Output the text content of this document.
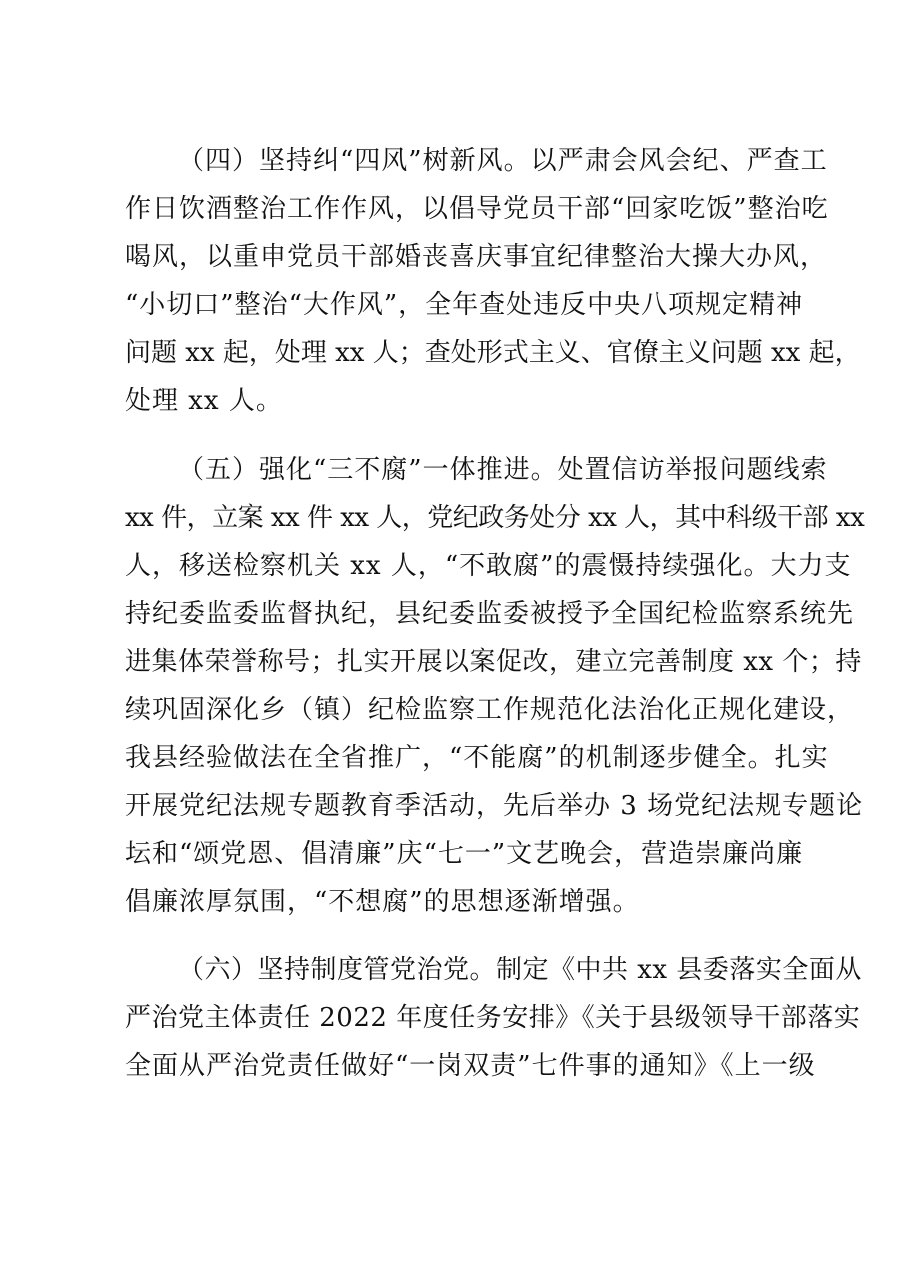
（四）坚持纠“四风”树新风。以严肃会风会纪、严查工
作日饮酒整治工作作风，以倡导党员干部“回家吃饭”整治吃
喝风，以重申党员干部婚丧喜庆事宜纪律整治大操大办风，
“小切口”整治“大作风”，全年查处违反中央八项规定精神
问题 xx 起，处理 xx 人；查处形式主义、官僚主义问题 xx 起，
处理 xx 人。
（五）强化“三不腐”一体推进。处置信访举报问题线索
xx 件，立案 xx 件 xx 人，党纪政务处分 xx 人，其中科级干部 xx
人，移送检察机关 xx 人，“不敢腐”的震慑持续强化。大力支
持纪委监委监督执纪，县纪委监委被授予全国纪检监察系统先
进集体荣誉称号；扎实开展以案促改，建立完善制度 xx 个；持
续巩固深化乡（镇）纪检监察工作规范化法治化正规化建设，
我县经验做法在全省推广，“不能腐”的机制逐步健全。扎实
开展党纪法规专题教育季活动，先后举办 3 场党纪法规专题论
坛和“颂党恩、倡清廉”庆“七一”文艺晚会，营造崇廉尚廉
倡廉浓厚氛围，“不想腐”的思想逐渐增强。
（六）坚持制度管党治党。制定《中共 xx 县委落实全面从
严治党主体责任 2022 年度任务安排》《关于县级领导干部落实
全面从严治党责任做好“一岗双责”七件事的通知》《上一级
